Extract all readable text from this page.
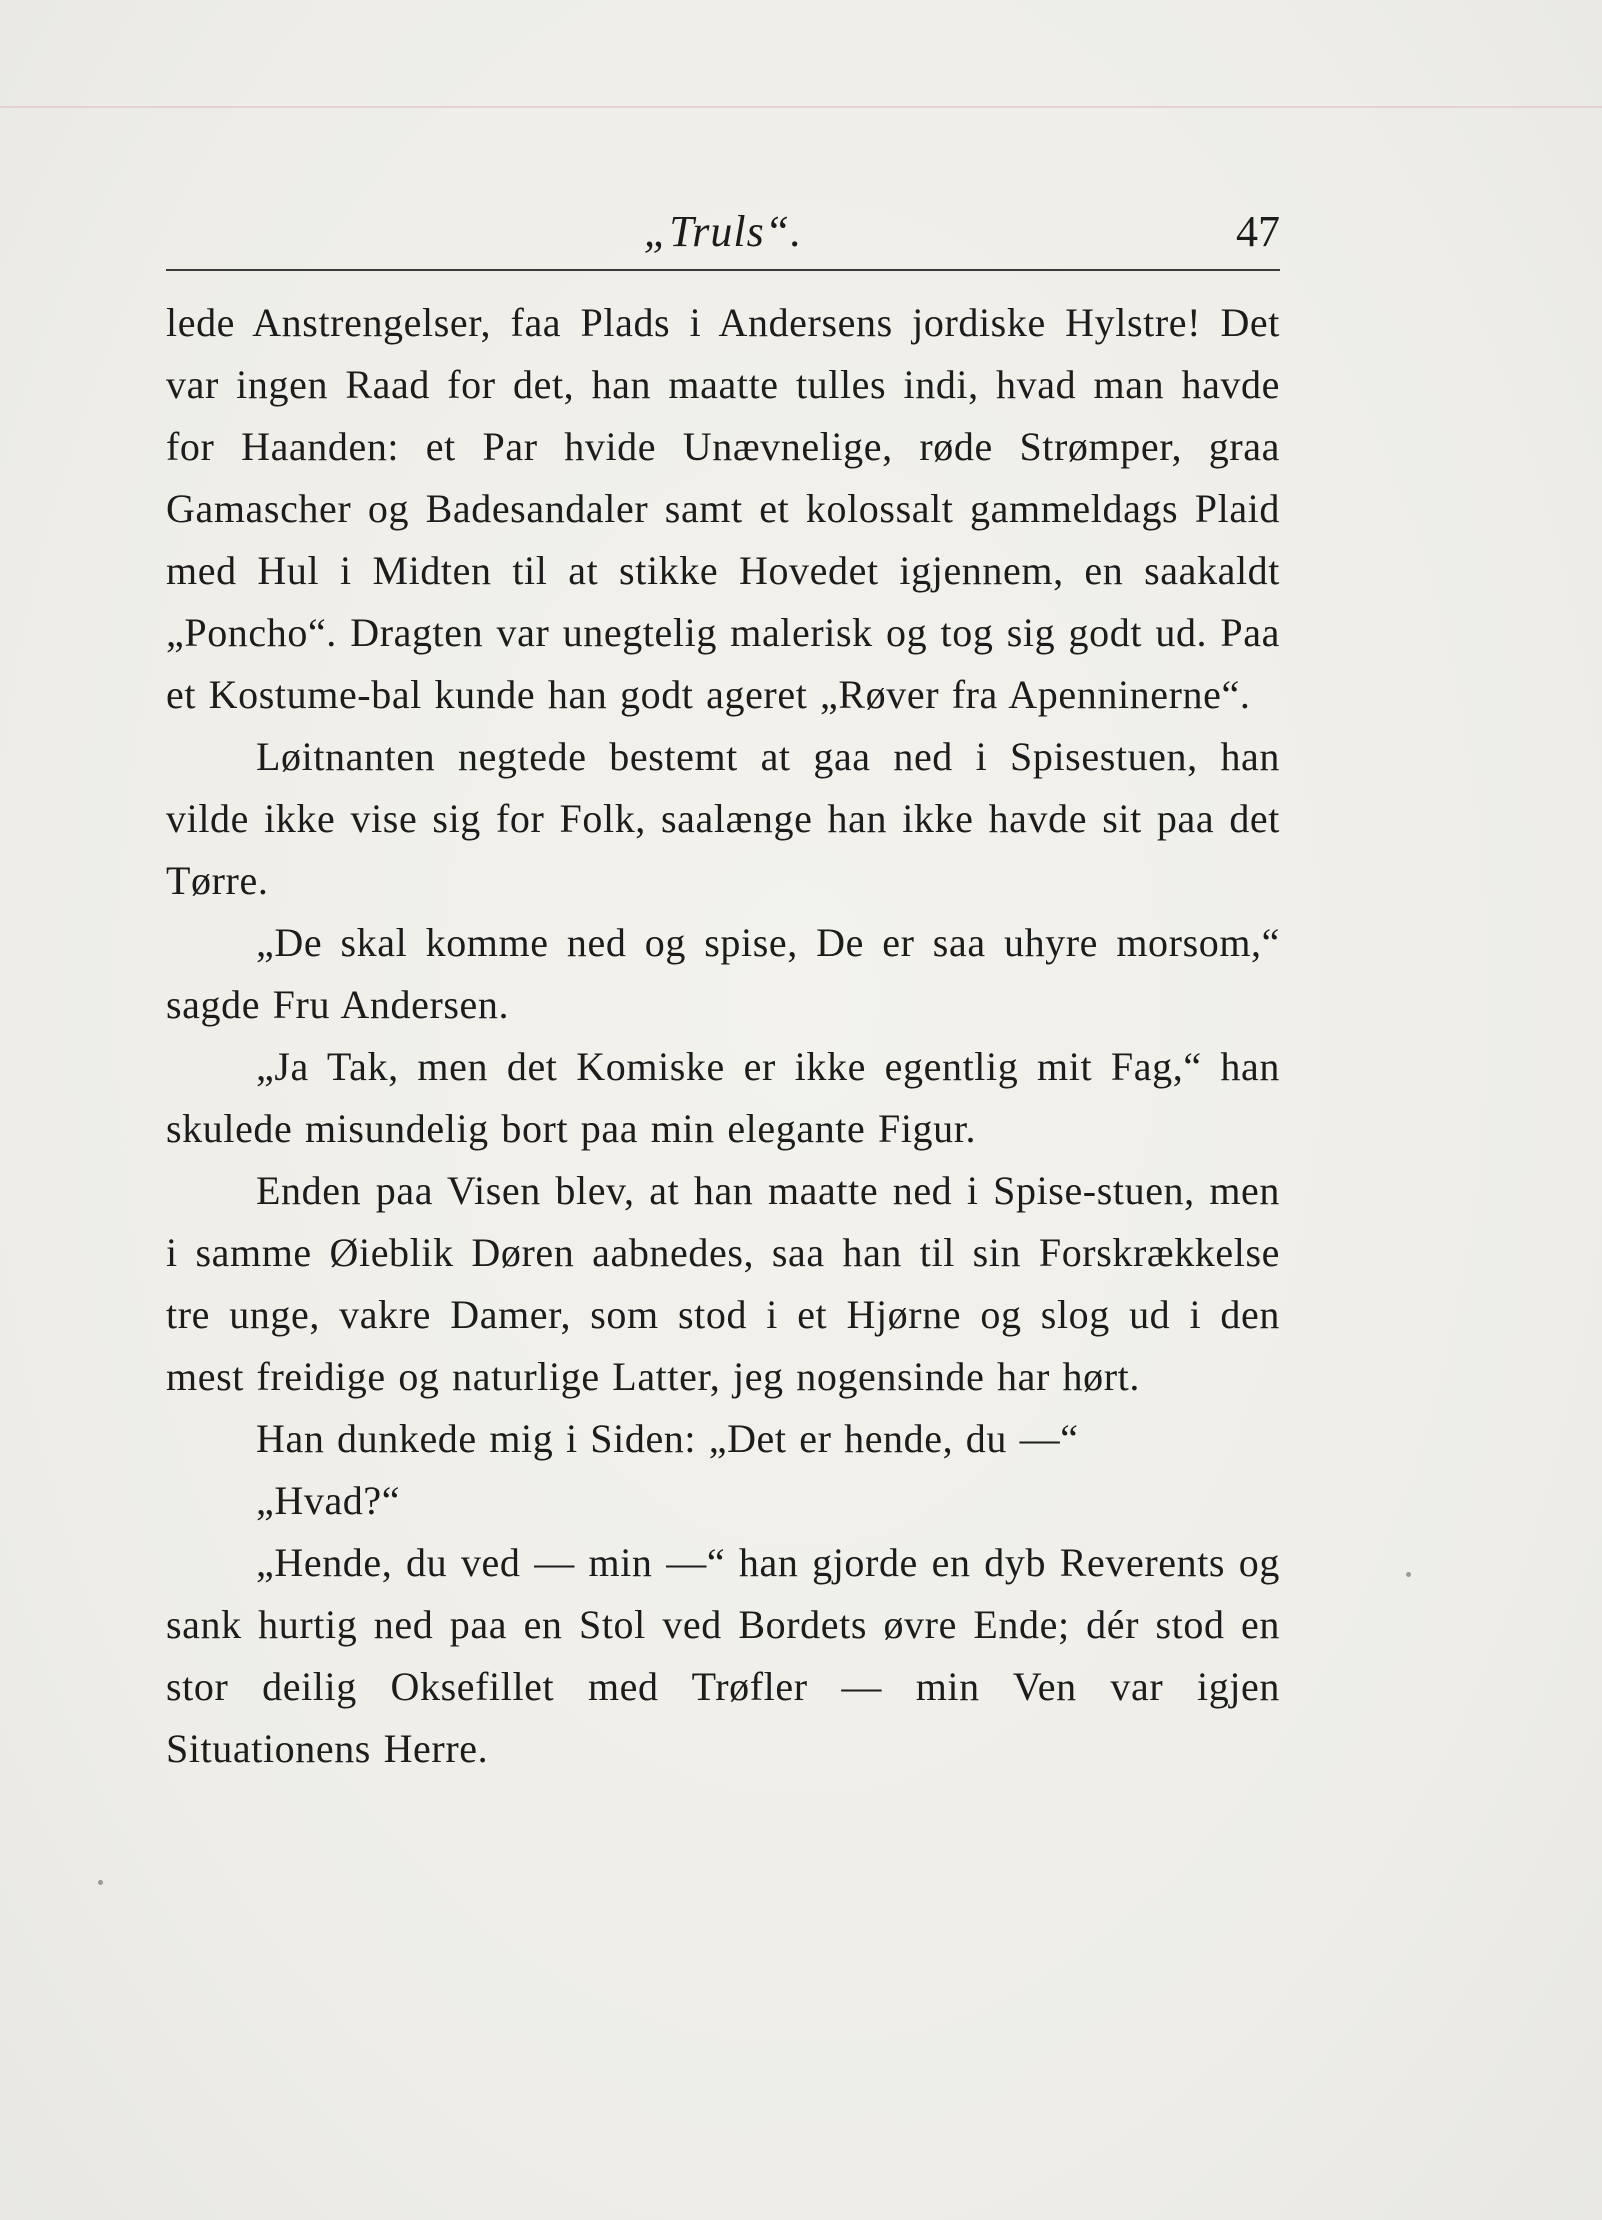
„Truls“.	47

lede Anstrengelser, faa Plads i Andersens jordiske Hylstre! Det var ingen Raad for det, han maatte tulles indi, hvad man havde for Haanden: et Par hvide Unævnelige, røde Strømper, graa Gamascher og Badesandaler samt et kolossalt gammeldags Plaid med Hul i Midten til at stikke Hovedet igjennem, en saakaldt „Poncho“. Dragten var unegtelig malerisk og tog sig godt ud. Paa et Kostume-bal kunde han godt ageret „Røver fra Apenninerne“.

Løitnanten negtede bestemt at gaa ned i Spisestuen, han vilde ikke vise sig for Folk, saalænge han ikke havde sit paa det Tørre.

„De skal komme ned og spise, De er saa uhyre morsom,“ sagde Fru Andersen.

„Ja Tak, men det Komiske er ikke egentlig mit Fag,“ han skulede misundelig bort paa min elegante Figur.

Enden paa Visen blev, at han maatte ned i Spise-stuen, men i samme Øieblik Døren aabnedes, saa han til sin Forskrækkelse tre unge, vakre Damer, som stod i et Hjørne og slog ud i den mest freidige og naturlige Latter, jeg nogensinde har hørt.

Han dunkede mig i Siden: „Det er hende, du —“

„Hvad?“

„Hende, du ved — min —“ han gjorde en dyb Reverents og sank hurtig ned paa en Stol ved Bordets øvre Ende; dér stod en stor deilig Oksefillet med Trøfler — min Ven var igjen Situationens Herre.
